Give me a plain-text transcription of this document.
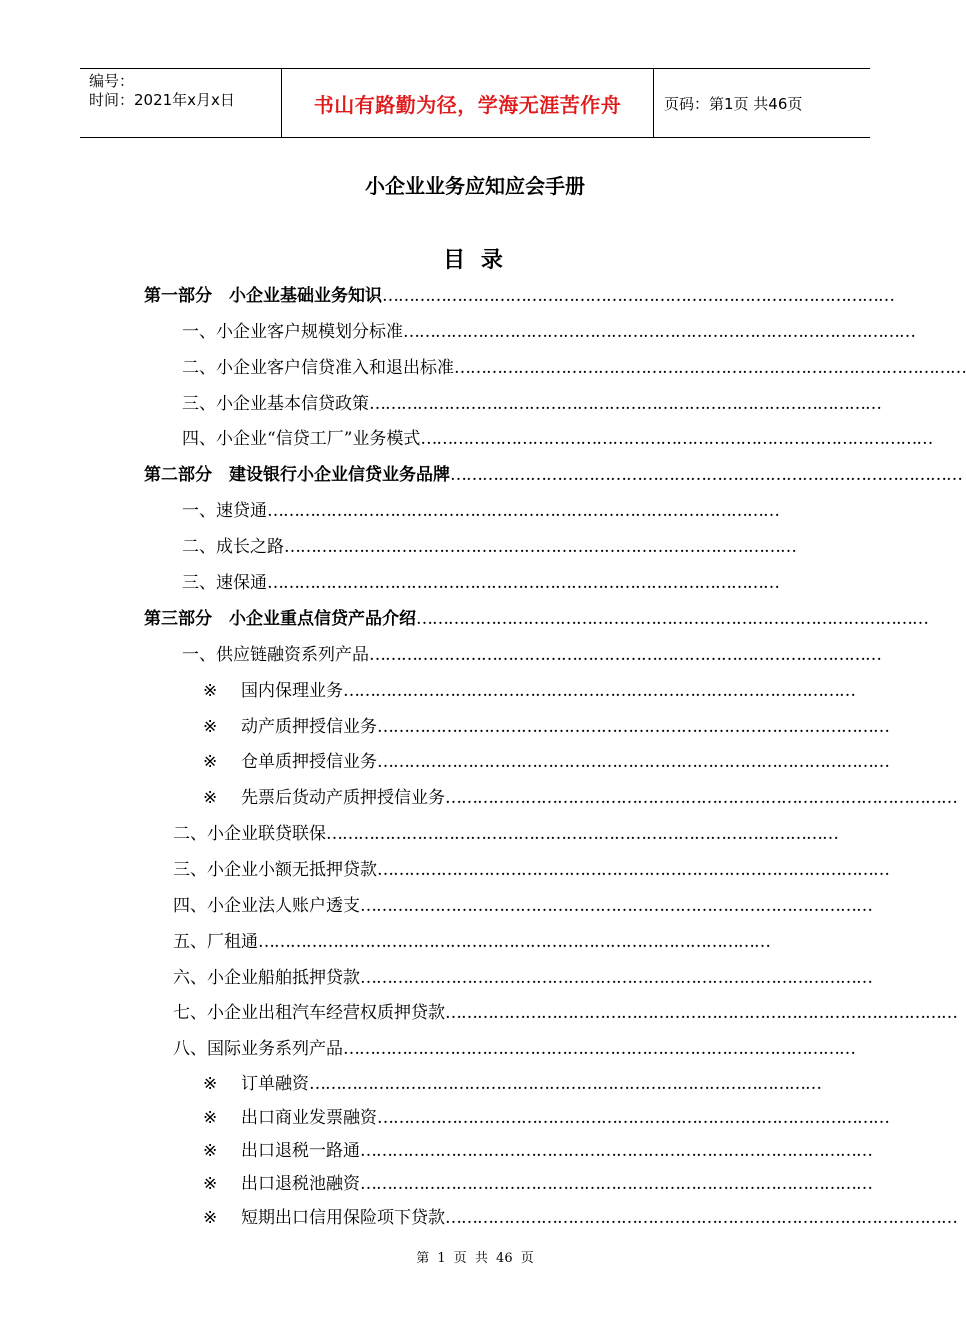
编号：
时间：2021年x月x日	书山有路勤为径，学海无涯苦作舟	页码：第1页 共46页
小企业业务应知应会手册
目 录
第一部分　小企业基础业务知识……………………………………………………………………………………
一、小企业客户规模划分标准……………………………………………………………………………………
二、小企业客户信贷准入和退出标准……………………………………………………………………………………
三、小企业基本信贷政策……………………………………………………………………………………
四、小企业“信贷工厂”业务模式……………………………………………………………………………………
第二部分　建设银行小企业信贷业务品牌……………………………………………………………………………………
一、速贷通……………………………………………………………………………………
二、成长之路……………………………………………………………………………………
三、速保通……………………………………………………………………………………
第三部分　小企业重点信贷产品介绍……………………………………………………………………………………
一、供应链融资系列产品……………………………………………………………………………………
※ 国内保理业务……………………………………………………………………………………
※ 动产质押授信业务……………………………………………………………………………………
※ 仓单质押授信业务……………………………………………………………………………………
※ 先票后货动产质押授信业务……………………………………………………………………………………
二、小企业联贷联保……………………………………………………………………………………
三、小企业小额无抵押贷款……………………………………………………………………………………
四、小企业法人账户透支……………………………………………………………………………………
五、厂租通……………………………………………………………………………………
六、小企业船舶抵押贷款……………………………………………………………………………………
七、小企业出租汽车经营权质押贷款……………………………………………………………………………………
八、国际业务系列产品……………………………………………………………………………………
※ 订单融资……………………………………………………………………………………
※ 出口商业发票融资……………………………………………………………………………………
※ 出口退税一路通……………………………………………………………………………………
※ 出口退税池融资……………………………………………………………………………………
※ 短期出口信用保险项下贷款……………………………………………………………………………………
第 1 页 共 46 页
